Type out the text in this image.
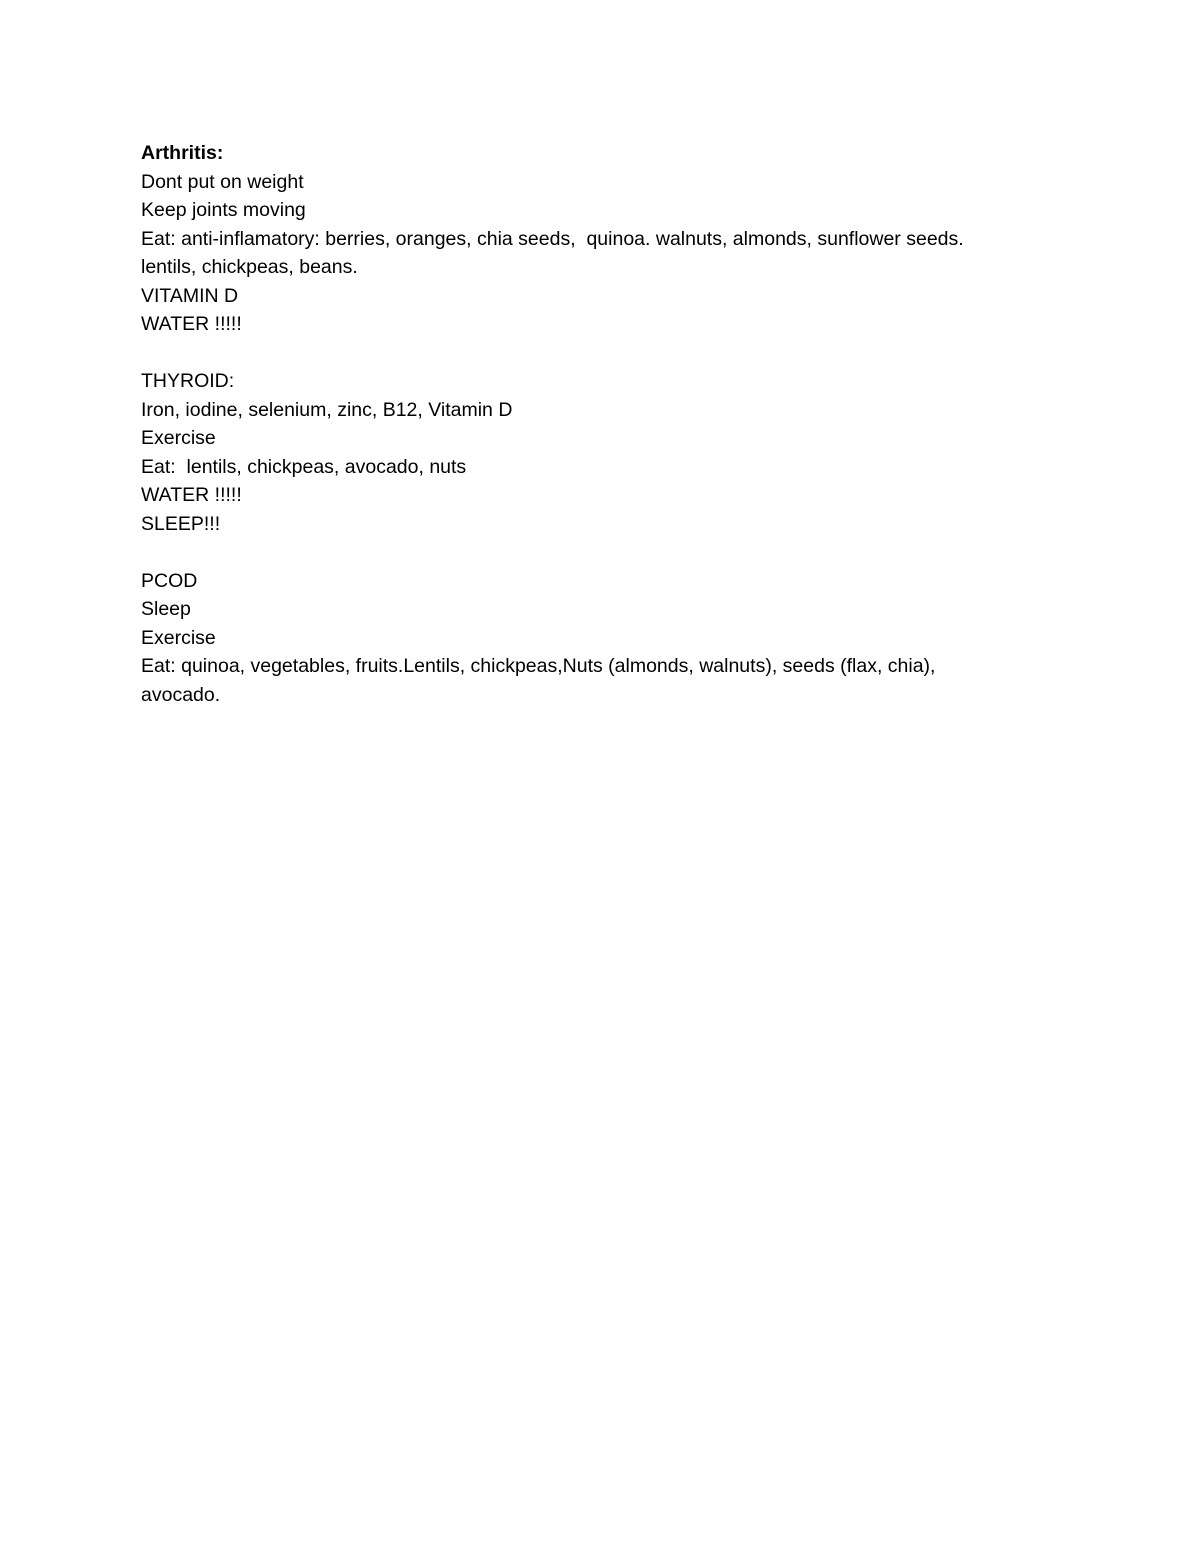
Arthritis:
Dont put on weight
Keep joints moving
Eat: anti-inflamatory: berries, oranges, chia seeds,  quinoa. walnuts, almonds, sunflower seeds.
lentils, chickpeas, beans.
VITAMIN D
WATER !!!!!
THYROID:
Iron, iodine, selenium, zinc, B12, Vitamin D
Exercise
Eat:  lentils, chickpeas, avocado, nuts
WATER !!!!!
SLEEP!!!
PCOD
Sleep
Exercise
Eat: quinoa, vegetables, fruits.Lentils, chickpeas,Nuts (almonds, walnuts), seeds (flax, chia),
avocado.
